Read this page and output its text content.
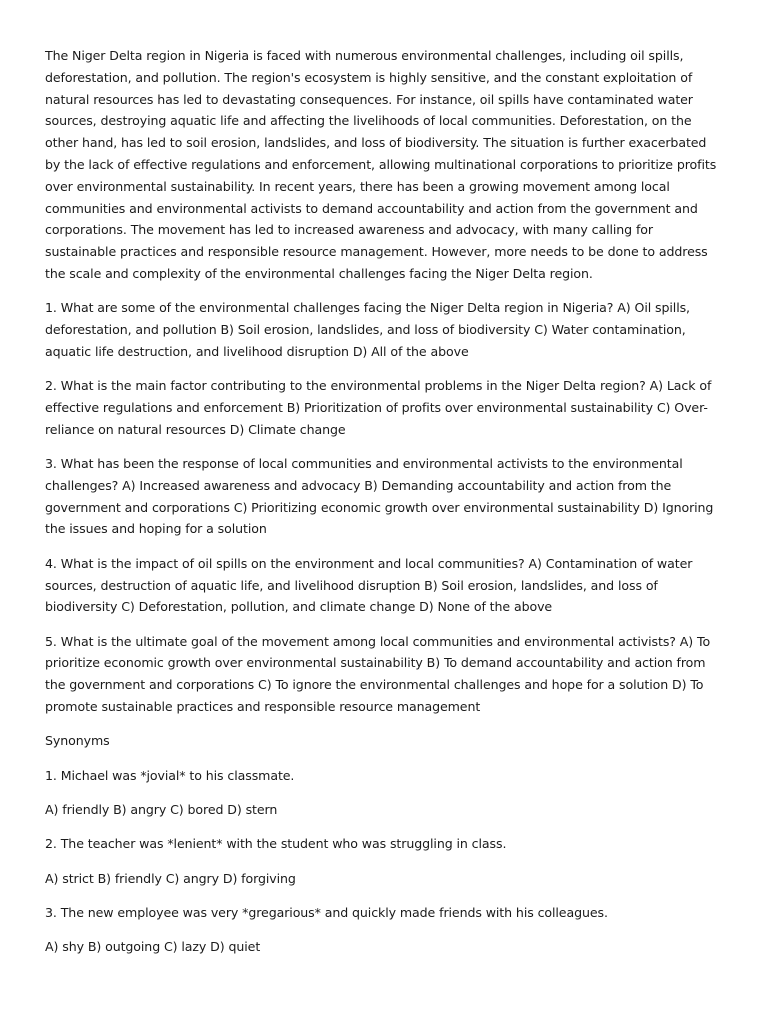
The Niger Delta region in Nigeria is faced with numerous environmental challenges, including oil spills, deforestation, and pollution. The region's ecosystem is highly sensitive, and the constant exploitation of natural resources has led to devastating consequences. For instance, oil spills have contaminated water sources, destroying aquatic life and affecting the livelihoods of local communities. Deforestation, on the other hand, has led to soil erosion, landslides, and loss of biodiversity. The situation is further exacerbated by the lack of effective regulations and enforcement, allowing multinational corporations to prioritize profits over environmental sustainability. In recent years, there has been a growing movement among local communities and environmental activists to demand accountability and action from the government and corporations. The movement has led to increased awareness and advocacy, with many calling for sustainable practices and responsible resource management. However, more needs to be done to address the scale and complexity of the environmental challenges facing the Niger Delta region.

1. What are some of the environmental challenges facing the Niger Delta region in Nigeria? A) Oil spills, deforestation, and pollution B) Soil erosion, landslides, and loss of biodiversity C) Water contamination, aquatic life destruction, and livelihood disruption D) All of the above

2. What is the main factor contributing to the environmental problems in the Niger Delta region? A) Lack of effective regulations and enforcement B) Prioritization of profits over environmental sustainability C) Over-reliance on natural resources D) Climate change

3. What has been the response of local communities and environmental activists to the environmental challenges? A) Increased awareness and advocacy B) Demanding accountability and action from the government and corporations C) Prioritizing economic growth over environmental sustainability D) Ignoring the issues and hoping for a solution

4. What is the impact of oil spills on the environment and local communities? A) Contamination of water sources, destruction of aquatic life, and livelihood disruption B) Soil erosion, landslides, and loss of biodiversity C) Deforestation, pollution, and climate change D) None of the above

5. What is the ultimate goal of the movement among local communities and environmental activists? A) To prioritize economic growth over environmental sustainability B) To demand accountability and action from the government and corporations C) To ignore the environmental challenges and hope for a solution D) To promote sustainable practices and responsible resource management

Synonyms

1. Michael was *jovial* to his classmate.

A) friendly B) angry C) bored D) stern

2. The teacher was *lenient* with the student who was struggling in class.

A) strict B) friendly C) angry D) forgiving

3. The new employee was very *gregarious* and quickly made friends with his colleagues.

A) shy B) outgoing C) lazy D) quiet
